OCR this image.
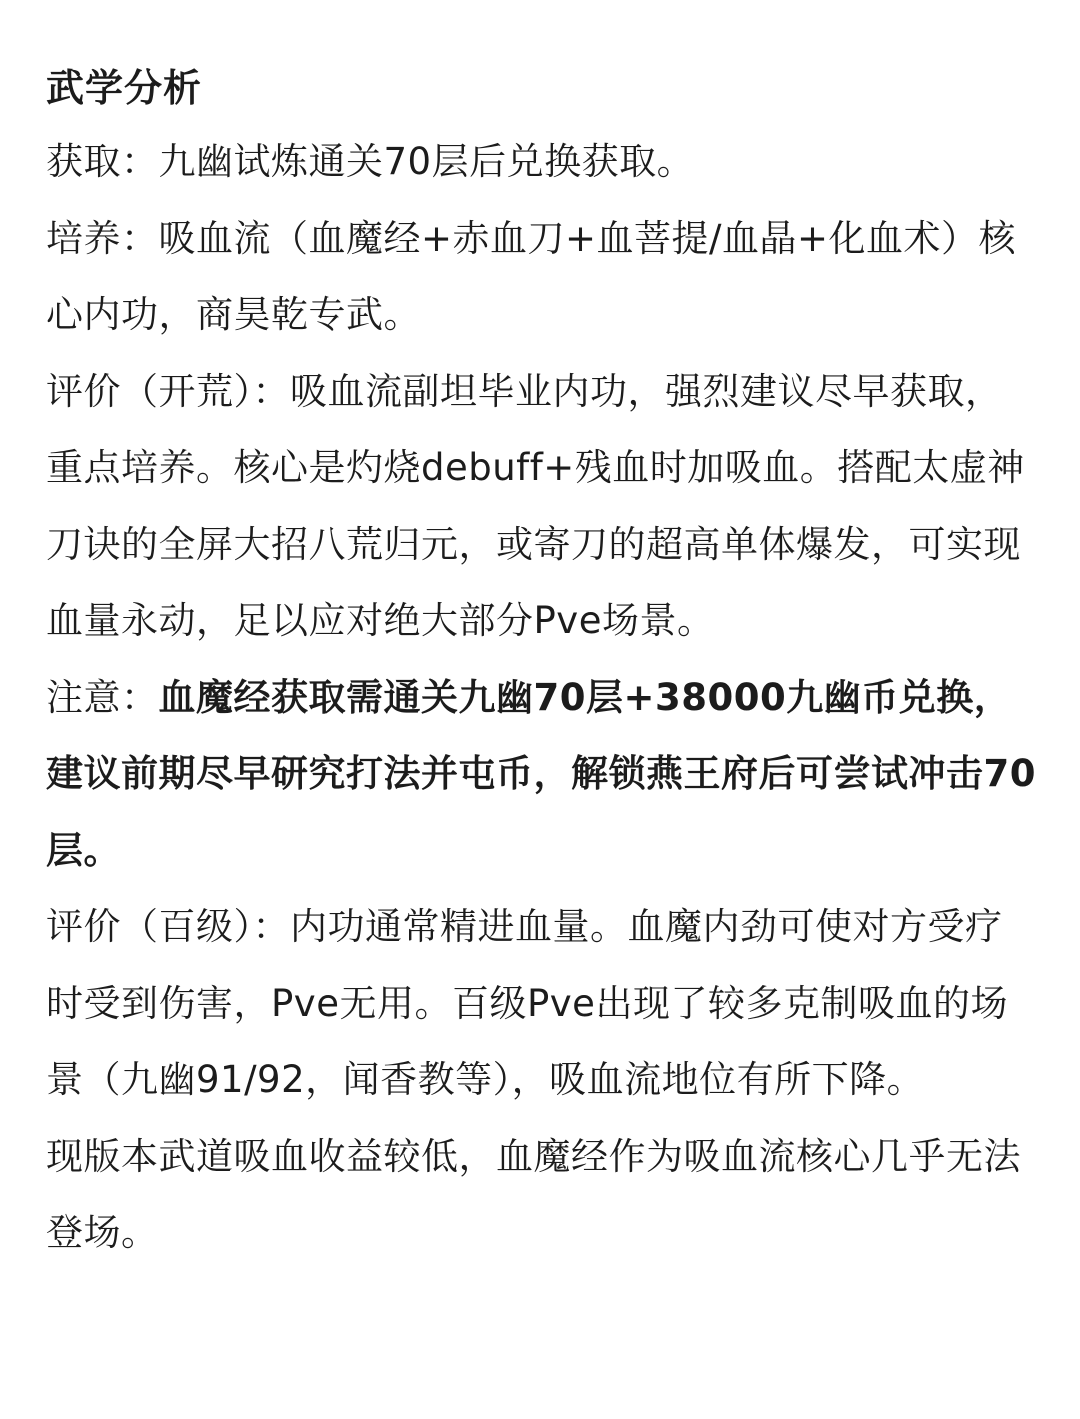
武学分析

获取：九幽试炼通关70层后兑换获取。

培养：吸血流（血魔经+赤血刀+血菩提/血晶+化血术）核心内功，商昊乾专武。

评价（开荒）：吸血流副坦毕业内功，强烈建议尽早获取，重点培养。核心是灼烧debuff+残血时加吸血。搭配太虚神刀诀的全屏大招八荒归元，或寄刀的超高单体爆发，可实现血量永动，足以应对绝大部分Pve场景。

注意：血魔经获取需通关九幽70层+38000九幽币兑换，建议前期尽早研究打法并屯币，解锁燕王府后可尝试冲击70层。

评价（百级）：内功通常精进血量。血魔内劲可使对方受疗时受到伤害，Pve无用。百级Pve出现了较多克制吸血的场景（九幽91/92，闻香教等），吸血流地位有所下降。

现版本武道吸血收益较低，血魔经作为吸血流核心几乎无法登场。
